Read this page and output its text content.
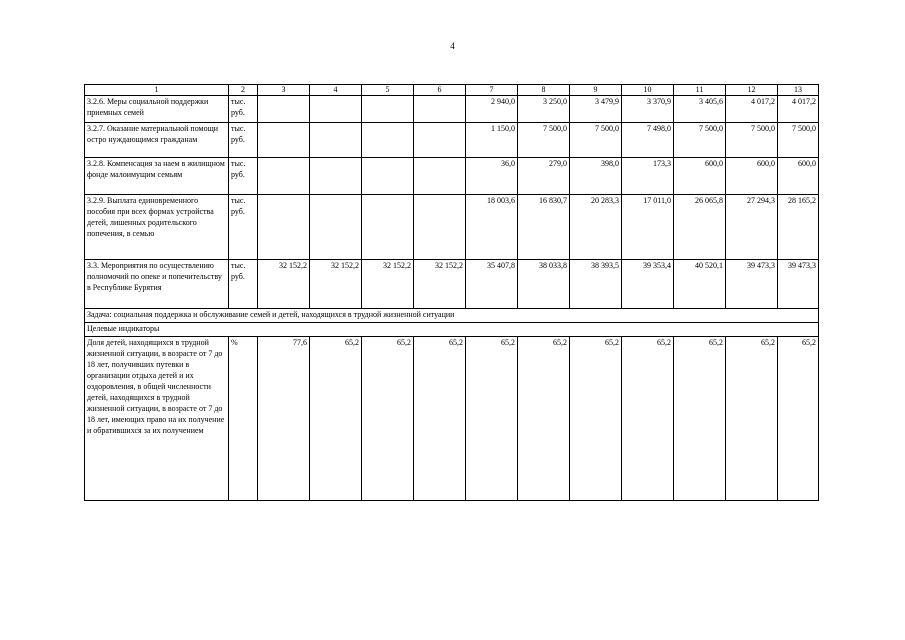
4
1	2	3	4	5	6	7	8	9	10	11	12	13
3.2.6. Меры социальной поддержки приемных семей	тыс. руб.					2 940,0	3 250,0	3 479,9	3 370,9	3 405,6	4 017,2	4 017,2
3.2.7. Оказание материальной помощи остро нуждающимся гражданам	тыс. руб.					1 150,0	7 500,0	7 500,0	7 498,0	7 500,0	7 500,0	7 500,0
3.2.8. Компенсация за наем в жилищном фонде малоимущим семьям	тыс. руб.					36,0	279,0	398,0	173,3	600,0	600,0	600,0
3.2.9. Выплата единовременного пособия при всех формах устройства детей, лишенных родительского попечения, в семью	тыс. руб.					18 003,6	16 830,7	20 283,3	17 011,0	26 065,8	27 294,3	28 165,2
3.3. Мероприятия по осуществлению полномочий по опеке и попечительству в Республике Бурятия	тыс. руб.	32 152,2	32 152,2	32 152,2	32 152,2	35 407,8	38 033,8	38 393,5	39 353,4	40 520,1	39 473,3	39 473,3
Задача: социальная поддержка и обслуживание семей и детей, находящихся в трудной жизненной ситуации												
Целевые индикаторы												
Доля детей, находящихся в трудной жизненной ситуации, в возрасте от 7 до 18 лет, получивших путевки в организации отдыха детей и их оздоровления, в общей численности детей, находящихся в трудной жизненной ситуации, в возрасте от 7 до 18 лет, имеющих право на их получение и обратившихся за их получением	%	77,6	65,2	65,2	65,2	65,2	65,2	65,2	65,2	65,2	65,2	65,2
